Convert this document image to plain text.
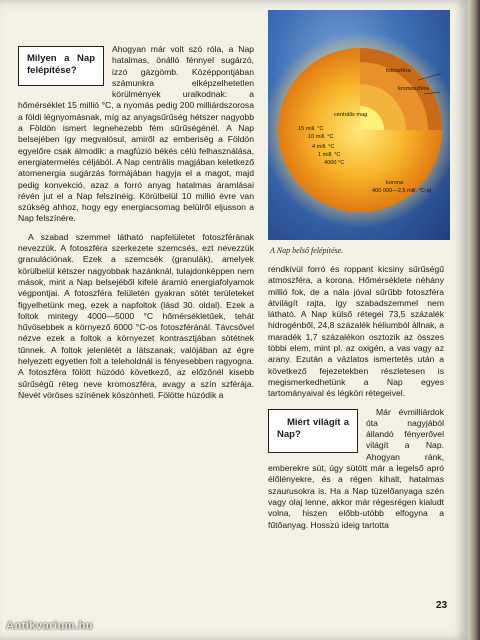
Milyen a Nap felépítése?
Ahogyan már volt szó róla, a Nap hatalmas, önálló fénnyel sugárzó, izzó gázgömb. Középpontjában számunkra elképzelhetetlen körülmények uralkodnak: a hőmérséklet 15 millió °C, a nyomás pedig 200 milliárdszorosa a földi légnyomásnak, míg az anyagsűrűség hétszer nagyobb a Földön ismert legnehezebb fém sűrűségénél. A Nap belsejében így megvalósul, amiről az emberiség a Földön egyelőre csak álmodik: a magfúzió békés célú felhasználása, energiatermelés céljából. A Nap centrális magjában keletkező atomenergia sugárzás formájában hagyja el a magot, majd pedig konvekció, azaz a forró anyag hatalmas áramlásai révén jut el a Nap felszínéig. Körülbelül 10 millió évre van szükség ahhoz, hogy egy energiacsomag belülről eljusson a Nap felszínére.

A szabad szemmel látható napfelületet fotoszférának nevezzük. A fotoszféra szerkezete szemcsés, ezt nevezzük granulációnak. Ezek a szemcsék (granulák), amelyek körülbelül kétszer nagyobbak hazánknál, tulajdonképpen nem mások, mint a Nap belsejéből kifelé áramló energiafolyamok végpontjai. A fotoszféra felületén gyakran sötét területeket figyelhetünk meg, ezek a napfoltok (lásd 30. oldal). Ezek a foltok mintegy 4000—5000 °C hőmérsékletűek, tehát hűvösebbek a környező 6000 °C-os fotoszféránál. Távcsővel nézve ezek a foltok a környezet kontrasztjában sötétnek tűnnek. A foltok jelenlétét a látszanak, valójában az égre helyezett egyetlen folt a teleholdnál is fényesebben ragyogna. A fotoszféra fölött húzódó következő, az előzőnél kisebb sűrűségű réteg neve kromoszféra, avagy a szín szférája. Nevét vöröses színének köszönheti. Fölötte húzódik a

fotoszféra
kromoszféra
centrális mag
15 mill. °C
10 mill. °C
4 mill. °C
1 mill. °C
4000 °C
korona
400 000—2,5 mill. °C-ig
A Nap belső felépítése.

rendkívül forró és roppant kicsiny sűrűségű atmoszféra, a korona. Hőmérséklete néhány millió fok, de a nála jóval sűrűbb fotoszféra átvilágít rajta, így szabadszemmel nem látható. A Nap külső rétegei 73,5 százalék hidrogénből, 24,8 százalék héliumból állnak, a maradék 1,7 százalékon osztozik az összes többi elem, mint pl. az oxigén, a vas vagy az arany. Ezután a vázlatos ismertetés után a következő fejezetekben részletesen is megismerkedhetünk a Nap egyes tartományaival és légköri rétegeivel.

Miért világít a Nap?
Már évmilliárdok óta nagyjából állandó fényerővel világít a Nap. Ahogyan ránk, emberekre süt, úgy sütött már a legelső apró élőlényekre, és a régen kihalt, hatalmas szaurusokra is. Ha a Nap tüzelőanyaga szén vagy olaj lenne, akkor már régesrégen kialudt volna, hiszen előbb-utóbb elfogyna a fűtőanyag. Hosszú ideig tartotta

23
Antikvarium.hu
